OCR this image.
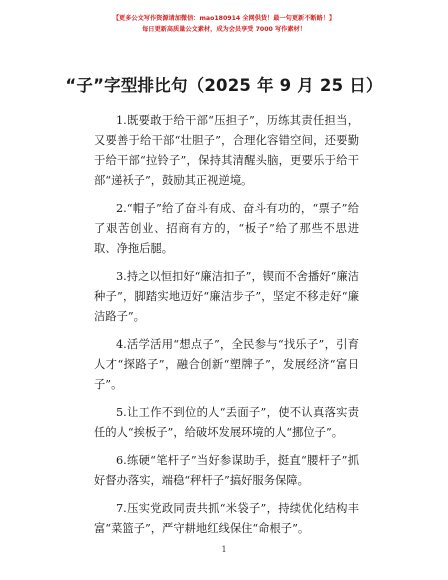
【更多公文写作资源请加微信：mao180914 全网供货！最一句更新不断路！】
每日更新高质量公文素材，成为会员享受 7000 写作素材！
“子”字型排比句（2025 年 9 月 25 日）

1.既要敢于给干部“压担子”，历练其责任担当，又要善于给干部“壮胆子”，合理化容错空间，还要勤于给干部“拉铃子”，保持其清醒头脑，更要乐于给干部“递袄子”，鼓励其正视逆境。

2.“帽子”给了奋斗有成、奋斗有功的，“票子”给了艰苦创业、招商有方的，“板子”给了那些不思进取、净拖后腿。

3.持之以恒扣好“廉洁扣子”，锲而不舍播好“廉洁种子”，脚踏实地迈好“廉洁步子”，坚定不移走好“廉洁路子”。

4.活学活用“想点子”，全民参与“找乐子”，引育人才“探路子”，融合创新“塑牌子”，发展经济“富日子”。

5.让工作不到位的人“丢面子”，使不认真落实责任的人“挨板子”，给破坏发展环境的人“挪位子”。

6.练硬“笔杆子”当好参谋助手，挺直“腰杆子”抓好督办落实，端稳“秤杆子”搞好服务保障。

7.压实党政同责共抓“米袋子”，持续优化结构丰富“菜篮子”，严守耕地红线保住“命根子”。

1
